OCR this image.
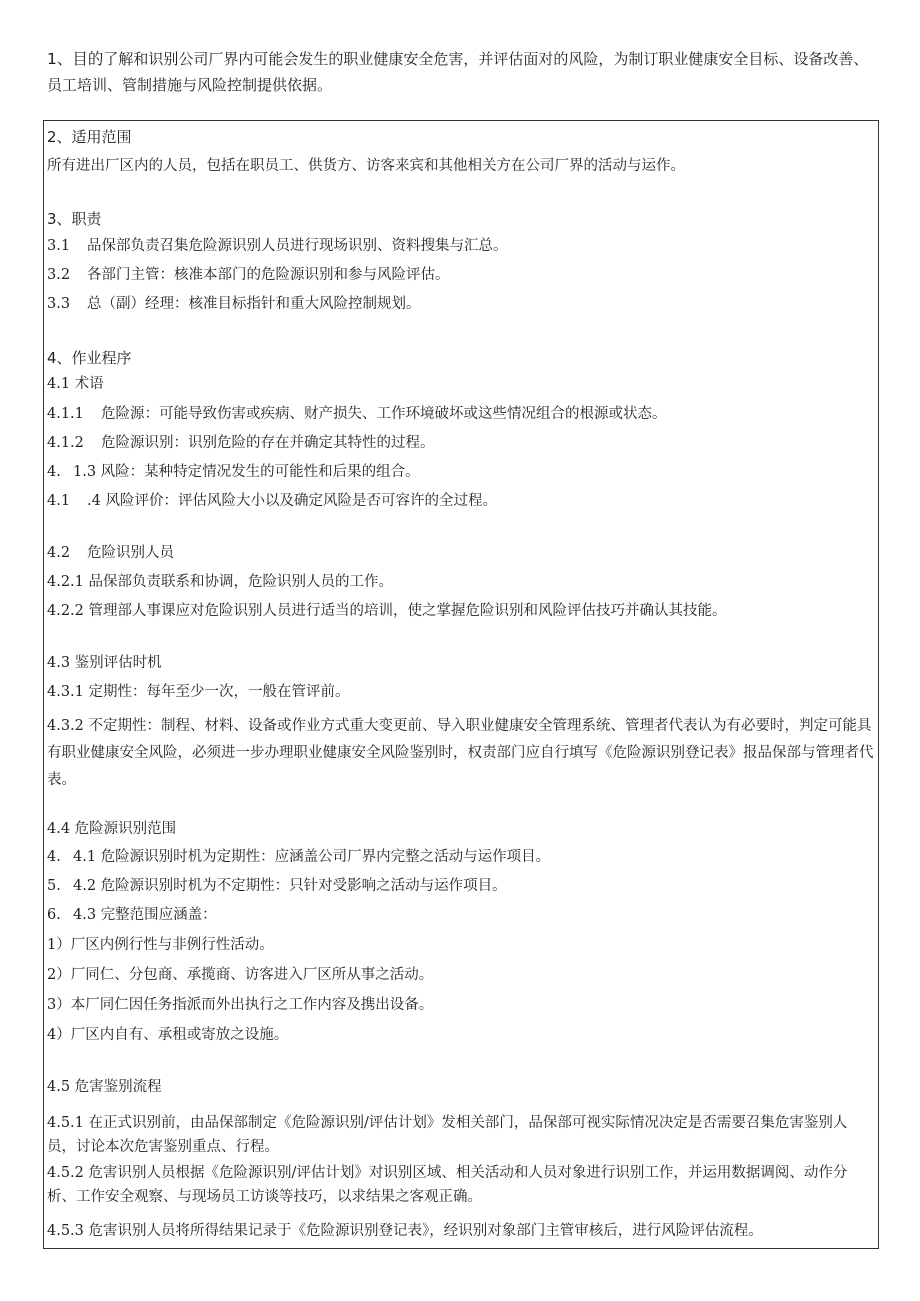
1、目的了解和识别公司厂界内可能会发生的职业健康安全危害，并评估面对的风险，为制订职业健康安全目标、设备改善、员工培训、管制措施与风险控制提供依据。
2、适用范围
所有进出厂区内的人员，包括在职员工、供货方、访客来宾和其他相关方在公司厂界的活动与运作。
3、职责
3.1 品保部负责召集危险源识别人员进行现场识别、资料搜集与汇总。
3.2 各部门主管：核准本部门的危险源识别和参与风险评估。
3.3 总（副）经理：核准目标指针和重大风险控制规划。
4、作业程序
4.1 术语
4.1.1 危险源：可能导致伤害或疾病、财产损失、工作环境破坏或这些情况组合的根源或状态。
4.1.2 危险源识别：识别危险的存在并确定其特性的过程。
4. 1.3 风险：某种特定情况发生的可能性和后果的组合。
4.1 .4 风险评价：评估风险大小以及确定风险是否可容许的全过程。
4.2 危险识别人员
4.2.1 品保部负责联系和协调，危险识别人员的工作。
4.2.2 管理部人事课应对危险识别人员进行适当的培训，使之掌握危险识别和风险评估技巧并确认其技能。
4.3 鉴别评估时机
4.3.1 定期性：每年至少一次，一般在管评前。
4.3.2 不定期性：制程、材料、设备或作业方式重大变更前、导入职业健康安全管理系统、管理者代表认为有必要时，判定可能具有职业健康安全风险，必须进一步办理职业健康安全风险鉴别时，权责部门应自行填写《危险源识别登记表》报品保部与管理者代表。
4.4 危险源识别范围
4. 4.1 危险源识别时机为定期性：应涵盖公司厂界内完整之活动与运作项目。
5. 4.2 危险源识别时机为不定期性：只针对受影响之活动与运作项目。
6. 4.3 完整范围应涵盖：
1）厂区内例行性与非例行性活动。
2）厂同仁、分包商、承揽商、访客进入厂区所从事之活动。
3）本厂同仁因任务指派而外出执行之工作内容及携出设备。
4）厂区内自有、承租或寄放之设施。
4.5 危害鉴别流程
4.5.1 在正式识别前，由品保部制定《危险源识别/评估计划》发相关部门，品保部可视实际情况决定是否需要召集危害鉴别人员，讨论本次危害鉴别重点、行程。
4.5.2 危害识别人员根据《危险源识别/评估计划》对识别区域、相关活动和人员对象进行识别工作，并运用数据调阅、动作分析、工作安全观察、与现场员工访谈等技巧，以求结果之客观正确。
4.5.3 危害识别人员将所得结果记录于《危险源识别登记表》，经识别对象部门主管审核后，进行风险评估流程。
